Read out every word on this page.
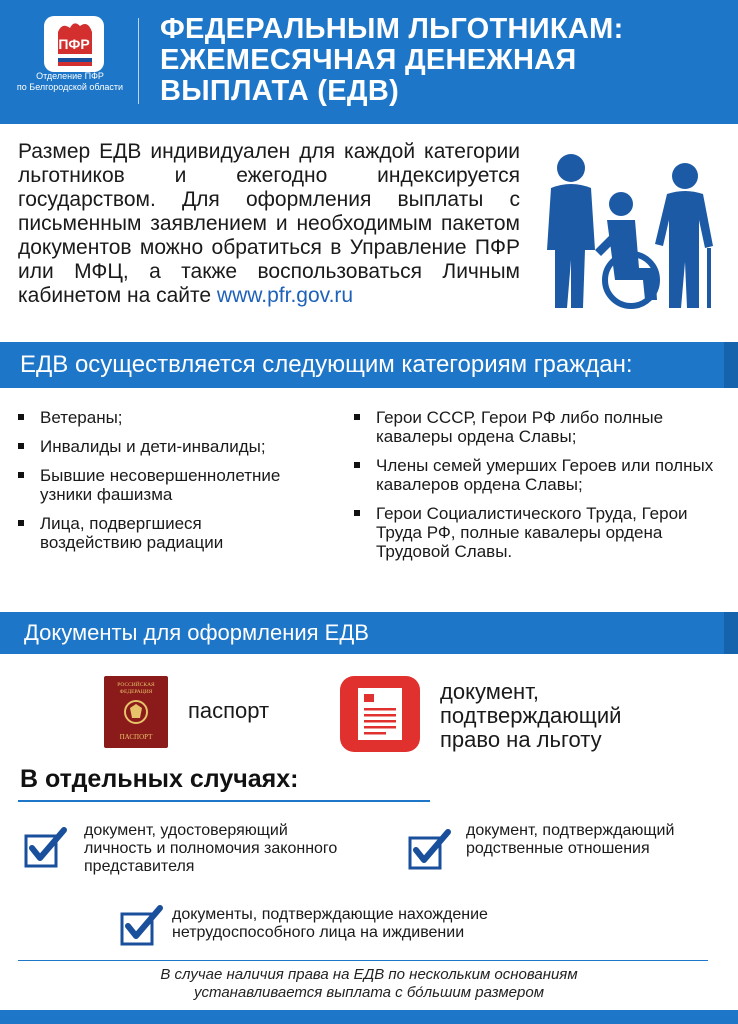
ПФР
Отделение ПФР
по Белгородской области
ФЕДЕРАЛЬНЫМ ЛЬГОТНИКАМ:
ЕЖЕМЕСЯЧНАЯ ДЕНЕЖНАЯ
ВЫПЛАТА (ЕДВ)
Размер ЕДВ индивидуален для каждой категории льготников и ежегодно индексируется государством. Для оформления выплаты с письменным заявлением и необходимым пакетом документов можно обратиться в Управление ПФР или МФЦ, а также воспользоваться Личным кабинетом на сайте www.pfr.gov.ru
ЕДВ осуществляется следующим категориям граждан:
Ветераны;
Инвалиды и дети-инвалиды;
Бывшие несовершеннолетние узники фашизма
Лица, подвергшиеся воздействию радиации
Герои СССР, Герои РФ либо полные кавалеры ордена Славы;
Члены семей умерших Героев или полных кавалеров ордена Славы;
Герои Социалистического Труда, Герои Труда РФ, полные кавалеры ордена Трудовой Славы.
Документы для оформления ЕДВ
РОССИЙСКАЯ
ФЕДЕРАЦИЯ
ПАСПОРТ
паспорт
документ, подтверждающий право на льготу
В отдельных случаях:
документ, удостоверяющий личность и полномочия законного представителя
документ, подтверждающий родственные отношения
документы, подтверждающие нахождение нетрудоспособного лица на иждивении
В случае наличия права на ЕДВ по нескольким основаниям
устанавливается выплата с бо́льшим размером
